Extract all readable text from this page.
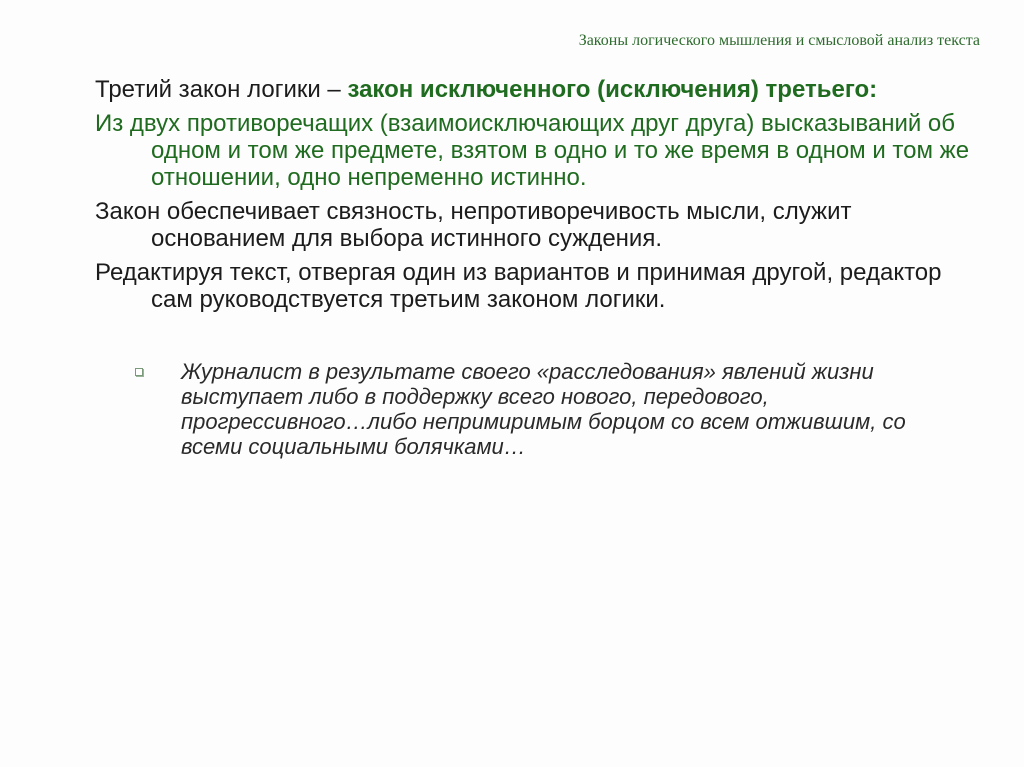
Законы логического мышления и смысловой анализ текста

Третий закон логики – закон исключенного (исключения) третьего:

Из двух противоречащих (взаимоисключающих друг друга) высказываний об одном и том же предмете, взятом в одно и то же время в одном и том же отношении, одно непременно истинно.

Закон обеспечивает связность, непротиворечивость мысли, служит основанием для выбора истинного суждения.

Редактируя текст, отвергая один из вариантов и принимая другой, редактор сам руководствуется третьим законом логики.

Журналист в результате своего «расследования» явлений жизни выступает либо в поддержку всего нового, передового, прогрессивного…либо непримиримым борцом со всем отжившим, со всеми социальными болячками…
